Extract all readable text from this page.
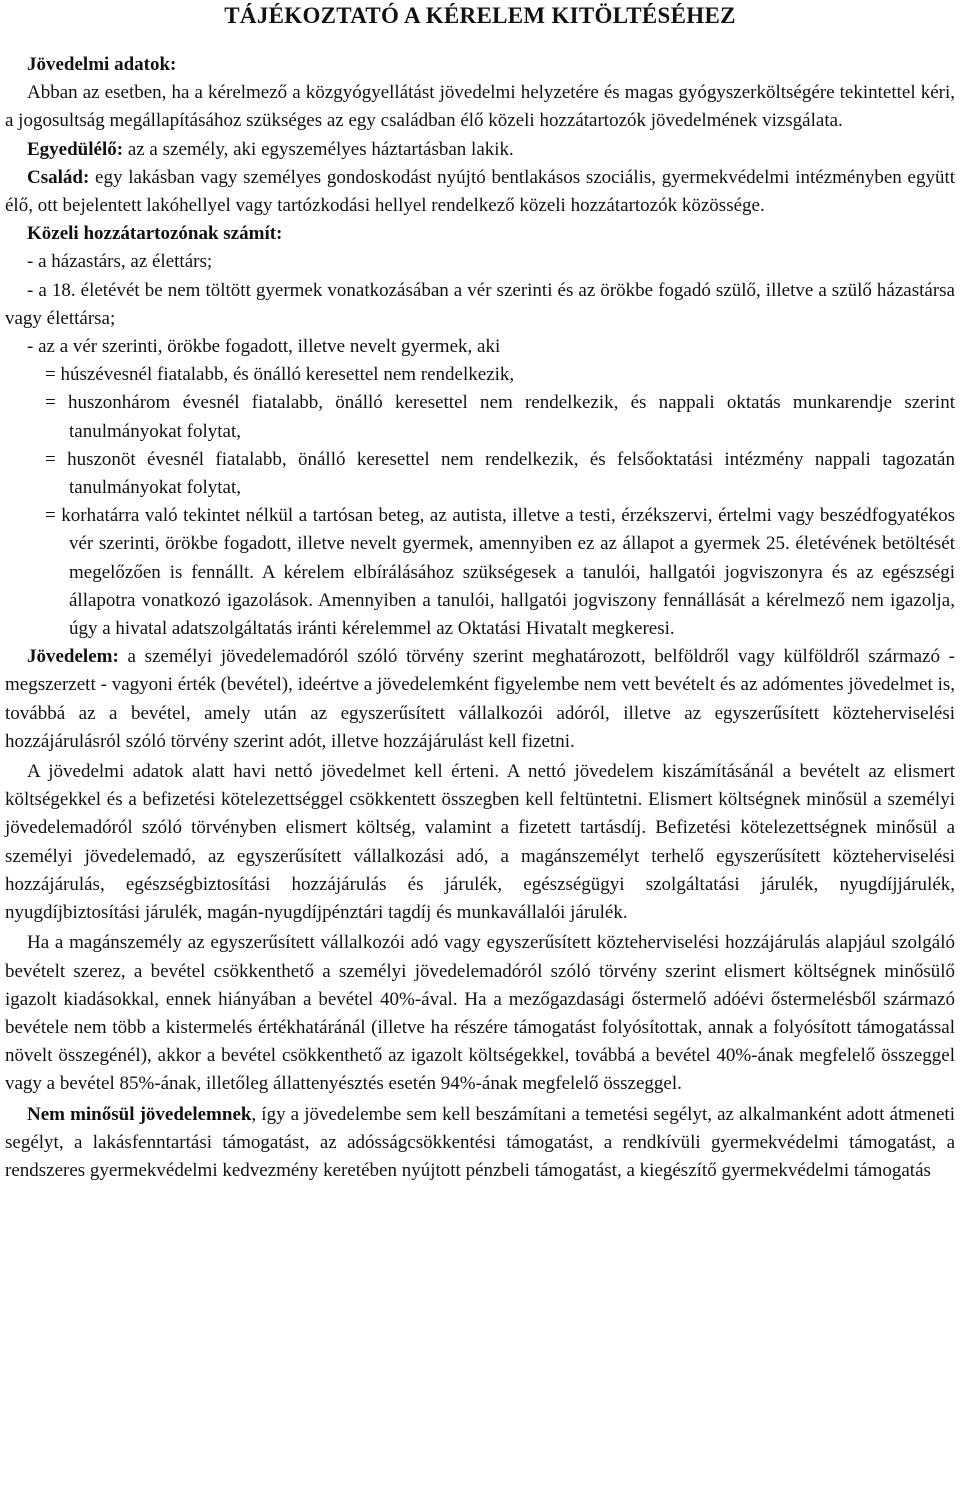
TÁJÉKOZTATÓ A KÉRELEM KITÖLTÉSÉHEZ

Jövedelmi adatok:

Abban az esetben, ha a kérelmező a közgyógyellátást jövedelmi helyzetére és magas gyógyszerköltségére tekintettel kéri, a jogosultság megállapításához szükséges az egy családban élő közeli hozzátartozók jövedelmének vizsgálata.

Egyedülélő: az a személy, aki egyszemélyes háztartásban lakik.

Család: egy lakásban vagy személyes gondoskodást nyújtó bentlakásos szociális, gyermekvédelmi intézményben együtt élő, ott bejelentett lakóhellyel vagy tartózkodási hellyel rendelkező közeli hozzátartozók közössége.

Közeli hozzátartozónak számít:

- a házastárs, az élettárs;

- a 18. életévét be nem töltött gyermek vonatkozásában a vér szerinti és az örökbe fogadó szülő, illetve a szülő házastársa vagy élettársa;

- az a vér szerinti, örökbe fogadott, illetve nevelt gyermek, aki

= húszévesnél fiatalabb, és önálló keresettel nem rendelkezik,

= huszonhárom évesnél fiatalabb, önálló keresettel nem rendelkezik, és nappali oktatás munkarendje szerint tanulmányokat folytat,

= huszonöt évesnél fiatalabb, önálló keresettel nem rendelkezik, és felsőoktatási intézmény nappali tagozatán tanulmányokat folytat,

= korhatárra való tekintet nélkül a tartósan beteg, az autista, illetve a testi, érzékszervi, értelmi vagy beszédfogyatékos vér szerinti, örökbe fogadott, illetve nevelt gyermek, amennyiben ez az állapot a gyermek 25. életévének betöltését megelőzően is fennállt. A kérelem elbírálásához szükségesek a tanulói, hallgatói jogviszonyra és az egészségi állapotra vonatkozó igazolások. Amennyiben a tanulói, hallgatói jogviszony fennállását a kérelmező nem igazolja, úgy a hivatal adatszolgáltatás iránti kérelemmel az Oktatási Hivatalt megkeresi.

Jövedelem: a személyi jövedelemadóról szóló törvény szerint meghatározott, belföldről vagy külföldről származó - megszerzett - vagyoni érték (bevétel), ideértve a jövedelemként figyelembe nem vett bevételt és az adómentes jövedelmet is, továbbá az a bevétel, amely után az egyszerűsített vállalkozói adóról, illetve az egyszerűsített közteherviselési hozzájárulásról szóló törvény szerint adót, illetve hozzájárulást kell fizetni.

A jövedelmi adatok alatt havi nettó jövedelmet kell érteni. A nettó jövedelem kiszámításánál a bevételt az elismert költségekkel és a befizetési kötelezettséggel csökkentett összegben kell feltüntetni. Elismert költségnek minősül a személyi jövedelemadóról szóló törvényben elismert költség, valamint a fizetett tartásdíj. Befizetési kötelezettségnek minősül a személyi jövedelemadó, az egyszerűsített vállalkozási adó, a magánszemélyt terhelő egyszerűsített közteherviselési hozzájárulás, egészségbiztosítási hozzájárulás és járulék, egészségügyi szolgáltatási járulék, nyugdíjjárulék, nyugdíjbiztosítási járulék, magán-nyugdíjpénztári tagdíj és munkavállalói járulék.

Ha a magánszemély az egyszerűsített vállalkozói adó vagy egyszerűsített közteherviselési hozzájárulás alapjául szolgáló bevételt szerez, a bevétel csökkenthető a személyi jövedelemadóról szóló törvény szerint elismert költségnek minősülő igazolt kiadásokkal, ennek hiányában a bevétel 40%-ával. Ha a mezőgazdasági őstermelő adóévi őstermelésből származó bevétele nem több a kistermelés értékhatáránál (illetve ha részére támogatást folyósítottak, annak a folyósított támogatással növelt összegénél), akkor a bevétel csökkenthető az igazolt költségekkel, továbbá a bevétel 40%-ának megfelelő összeggel vagy a bevétel 85%-ának, illetőleg állattenyésztés esetén 94%-ának megfelelő összeggel.

Nem minősül jövedelemnek, így a jövedelembe sem kell beszámítani a temetési segélyt, az alkalmanként adott átmeneti segélyt, a lakásfenntartási támogatást, az adósságcsökkentési támogatást, a rendkívüli gyermekvédelmi támogatást, a rendszeres gyermekvédelmi kedvezmény keretében nyújtott pénzbeli támogatást, a kiegészítő gyermekvédelmi támogatás
